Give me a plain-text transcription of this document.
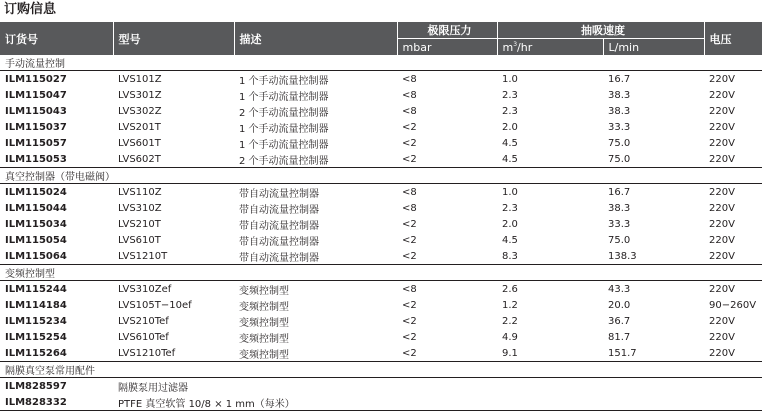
订购信息
订货号	型号	描述	极限压力	抽吸速度		电压
			mbar	$m^3/hr$	L/min	
手动流量控制						
ILM115027	LVS101Z	1 个手动流量控制器	<8	1.0	16.7	220V
ILM115047	LVS301Z	1 个手动流量控制器	<8	2.3	38.3	220V
ILM115043	LVS302Z	2 个手动流量控制器	<8	2.3	38.3	220V
ILM115037	LVS201T	1 个手动流量控制器	<2	2.0	33.3	220V
ILM115057	LVS601T	1 个手动流量控制器	<2	4.5	75.0	220V
ILM115053	LVS602T	2 个手动流量控制器	<2	4.5	75.0	220V
真空控制器（带电磁阀）						
ILM115024	LVS110Z	带自动流量控制器	<8	1.0	16.7	220V
ILM115044	LVS310Z	带自动流量控制器	<8	2.3	38.3	220V
ILM115034	LVS210T	带自动流量控制器	<2	2.0	33.3	220V
ILM115054	LVS610T	带自动流量控制器	<2	4.5	75.0	220V
ILM115064	LVS1210T	带自动流量控制器	<2	8.3	138.3	220V
变频控制型						
ILM115244	LVS310Zef	变频控制型	<8	2.6	43.3	220V
ILM114184	LVS105T−10ef	变频控制型	<2	1.2	20.0	90−260V
ILM115234	LVS210Tef	变频控制型	<2	2.2	36.7	220V
ILM115254	LVS610Tef	变频控制型	<2	4.9	81.7	220V
ILM115264	LVS1210Tef	变频控制型	<2	9.1	151.7	220V
隔膜真空泵常用配件						
ILM828597	隔膜泵用过滤器					
ILM828332	PTFE 真空软管 10/8 × 1 mm（每米）					
